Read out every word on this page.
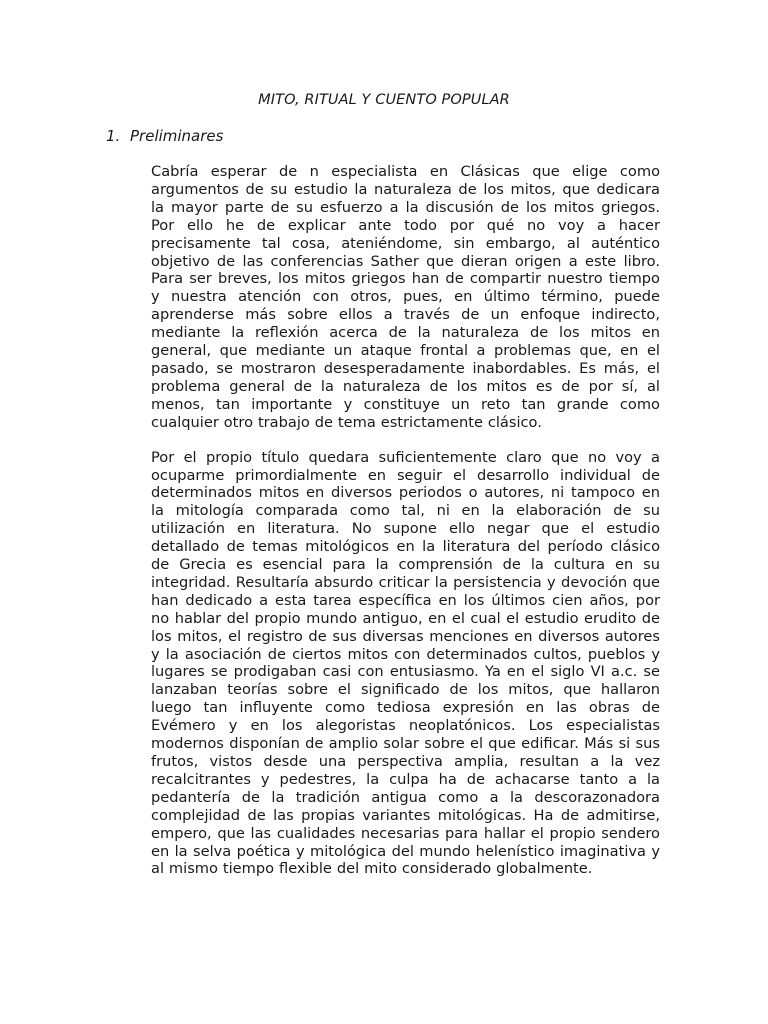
MITO, RITUAL Y CUENTO POPULAR
1. Preliminares

Cabría esperar de n especialista en Clásicas que elige como argumentos de su estudio la naturaleza de los mitos, que dedicara la mayor parte de su esfuerzo a la discusión de los mitos griegos. Por ello he de explicar ante todo por qué no voy a hacer precisamente tal cosa, ateniéndome, sin embargo, al auténtico objetivo de las conferencias Sather que dieran origen a este libro. Para ser breves, los mitos griegos han de compartir nuestro tiempo y nuestra atención con otros, pues, en último término, puede aprenderse más sobre ellos a través de un enfoque indirecto, mediante la reflexión acerca de la naturaleza de los mitos en general, que mediante un ataque frontal a problemas que, en el pasado, se mostraron desesperadamente inabordables. Es más, el problema general de la naturaleza de los mitos es de por sí, al menos, tan importante y constituye un reto tan grande como cualquier otro trabajo de tema estrictamente clásico.

Por el propio título quedara suficientemente claro que no voy a ocuparme primordialmente en seguir el desarrollo individual de determinados mitos en diversos periodos o autores, ni tampoco en la mitología comparada como tal, ni en la elaboración de su utilización en literatura. No supone ello negar que el estudio detallado de temas mitológicos en la literatura del período clásico de Grecia es esencial para la comprensión de la cultura en su integridad. Resultaría absurdo criticar la persistencia y devoción que han dedicado a esta tarea específica en los últimos cien años, por no hablar del propio mundo antiguo, en el cual el estudio erudito de los mitos, el registro de sus diversas menciones en diversos autores y la asociación de ciertos mitos con determinados cultos, pueblos y lugares se prodigaban casi con entusiasmo. Ya en el siglo VI a.c. se lanzaban teorías sobre el significado de los mitos, que hallaron luego tan influyente como tediosa expresión en las obras de Evémero y en los alegoristas neoplatónicos. Los especialistas modernos disponían de amplio solar sobre el que edificar. Más si sus frutos, vistos desde una perspectiva amplia, resultan a la vez recalcitrantes y pedestres, la culpa ha de achacarse tanto a la pedantería de la tradición antigua como a la descorazonadora complejidad de las propias variantes mitológicas. Ha de admitirse, empero, que las cualidades necesarias para hallar el propio sendero en la selva poética y mitológica del mundo helenístico imaginativa y al mismo tiempo flexible del mito considerado globalmente.
